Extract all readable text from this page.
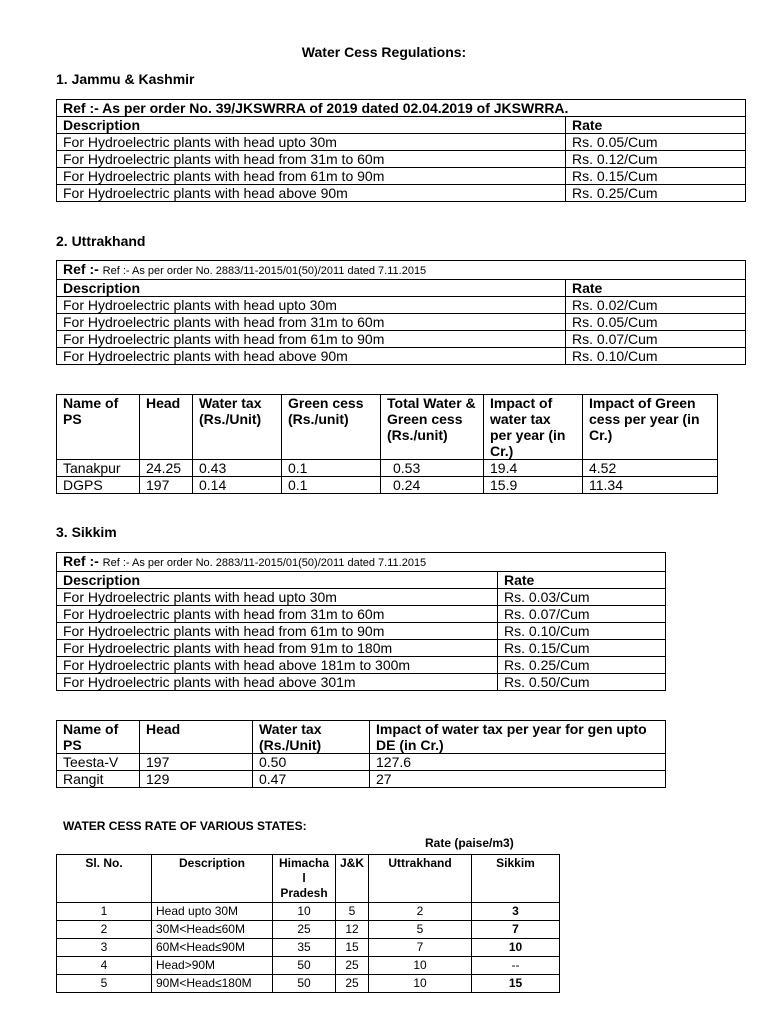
Water Cess Regulations:
1. Jammu & Kashmir
Ref :- As per order No. 39/JKSWRRA of 2019 dated 02.04.2019 of JKSWRRA.	
Description	Rate
For Hydroelectric plants with head upto 30m	Rs. 0.05/Cum
For Hydroelectric plants with head from 31m to 60m	Rs. 0.12/Cum
For Hydroelectric plants with head from 61m to 90m	Rs. 0.15/Cum
For Hydroelectric plants with head above 90m	Rs. 0.25/Cum
2. Uttrakhand
Ref :- Ref :- As per order No. 2883/11-2015/01(50)/2011 dated 7.11.2015	
Description	Rate
For Hydroelectric plants with head upto 30m	Rs. 0.02/Cum
For Hydroelectric plants with head from 31m to 60m	Rs. 0.05/Cum
For Hydroelectric plants with head from 61m to 90m	Rs. 0.07/Cum
For Hydroelectric plants with head above 90m	Rs. 0.10/Cum
Name of PS	Head	Water tax (Rs./Unit)	Green cess (Rs./unit)	Total Water & Green cess (Rs./unit)	Impact of water tax per year (in Cr.)	Impact of Green cess per year (in Cr.)
Tanakpur	24.25	0.43	0.1	0.53	19.4	4.52
DGPS	197	0.14	0.1	0.24	15.9	11.34
3. Sikkim
Ref :- Ref :- As per order No. 2883/11-2015/01(50)/2011 dated 7.11.2015	
Description	Rate
For Hydroelectric plants with head upto 30m	Rs. 0.03/Cum
For Hydroelectric plants with head from 31m to 60m	Rs. 0.07/Cum
For Hydroelectric plants with head from 61m to 90m	Rs. 0.10/Cum
For Hydroelectric plants with head from 91m to 180m	Rs. 0.15/Cum
For Hydroelectric plants with head above 181m to 300m	Rs. 0.25/Cum
For Hydroelectric plants with head above 301m	Rs. 0.50/Cum
Name of PS	Head	Water tax (Rs./Unit)	Impact of water tax per year for gen upto DE (in Cr.)
Teesta-V	197	0.50	127.6
Rangit	129	0.47	27
WATER CESS RATE OF VARIOUS STATES:
Rate (paise/m3)
Sl. No.	Description	Himacha l Pradesh	J&K	Uttrakhand	Sikkim
1	Head upto 30M	10	5	2	3
2	30M<Head≤60M	25	12	5	7
3	60M<Head≤90M	35	15	7	10
4	Head>90M	50	25	10	--
5	90M<Head≤180M	50	25	10	15
